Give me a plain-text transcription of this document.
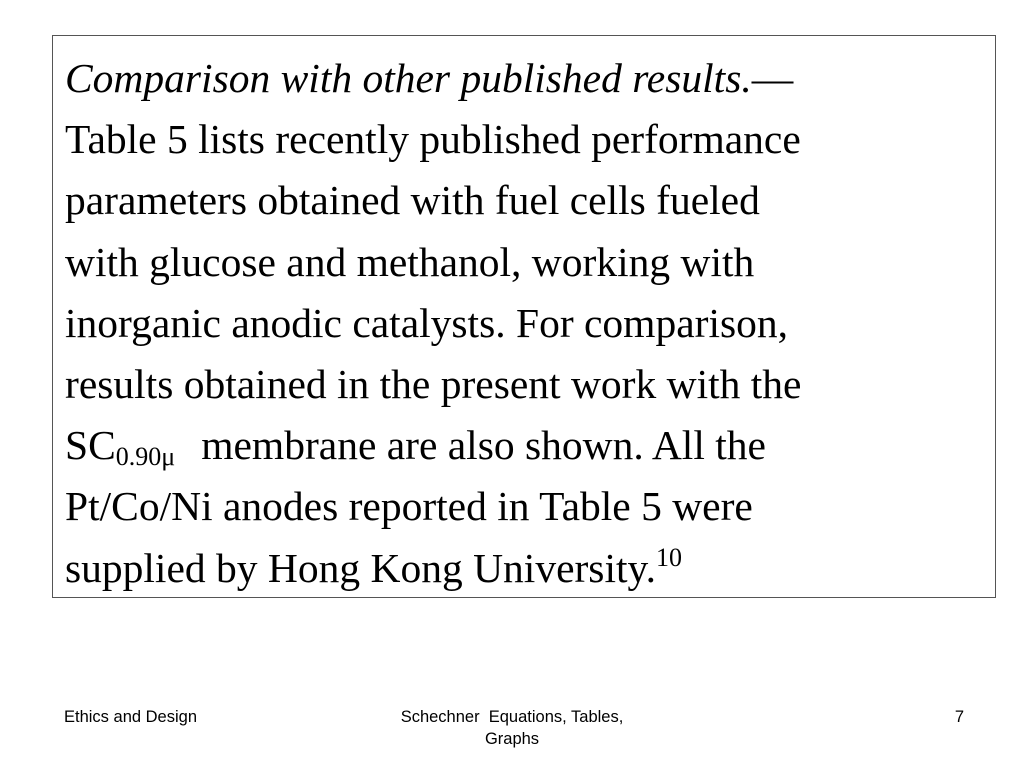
Comparison with other published results.—
Table 5 lists recently published performance
parameters obtained with fuel cells fueled
with glucose and methanol, working with
inorganic anodic catalysts. For comparison,
results obtained in the present work with the
$SC_{0.90\mu}$ membrane are also shown. All the
Pt/Co/Ni anodes reported in Table 5 were
supplied by Hong Kong University.$^{10}$
Ethics and Design	Schechner  Equations, Tables,
Graphs
7
